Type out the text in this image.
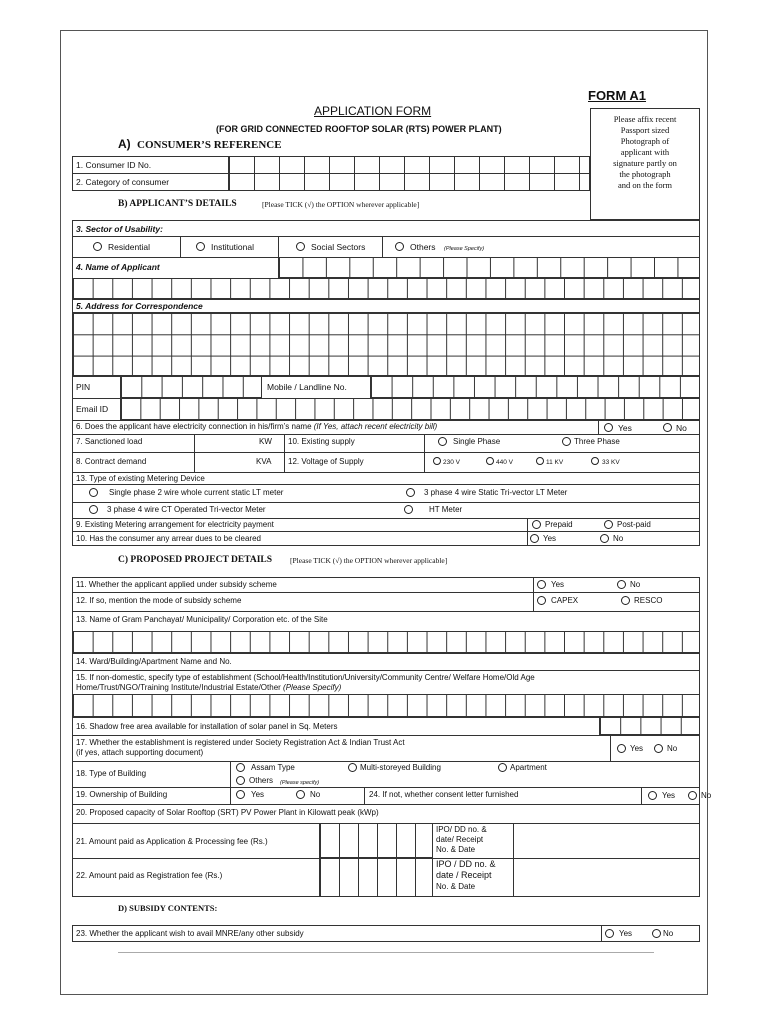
FORM A1
Please affix recent
Passport sized
Photograph of
applicant with
signature partly on
the photograph
and on the form
APPLICATION FORM
(FOR GRID CONNECTED ROOFTOP SOLAR (RTS) POWER PLANT)
A) CONSUMER’S REFERENCE
1. Consumer ID No.
2. Category of consumer
B) APPLICANT’S DETAILS	[Please TICK (√) the OPTION wherever applicable]
3. Sector of Usability:
Residential	Institutional	Social Sectors	Others (Please Specify)
4. Name of Applicant
5. Address for Correspondence
PIN	Mobile / Landline No.
Email ID
6. Does the applicant have electricity connection in his/firm’s name (If Yes, attach recent electricity bill)	Yes	No
7. Sanctioned load	KW 10. Existing supply	Single Phase	Three Phase
8. Contract demand	KVA 12. Voltage of Supply	230 V	440 V	11 KV	33 KV
13. Type of existing Metering Device
Single phase 2 wire whole current static LT meter	3 phase 4 wire Static Tri-vector LT Meter
3 phase 4 wire CT Operated Tri-vector Meter	HT Meter
9. Existing Metering arrangement for electricity payment	Prepaid	Post-paid
10. Has the consumer any arrear dues to be cleared	Yes	No
C) PROPOSED PROJECT DETAILS [Please TICK (√) the OPTION wherever applicable]
11. Whether the applicant applied under subsidy scheme	Yes	No
12. If so, mention the mode of subsidy scheme	CAPEX	RESCO
13. Name of Gram Panchayat/ Municipality/ Corporation etc. of the Site
14. Ward/Building/Apartment Name and No.
15. If non-domestic, specify type of establishment (School/Health/Institution/University/Community Centre/ Welfare Home/Old Age
Home/Trust/NGO/Training Institute/Industrial Estate/Other (Please Specify)
16. Shadow free area available for installation of solar panel in Sq. Meters
17. Whether the establishment is registered under Society Registration Act & Indian Trust Act
(if yes, attach supporting document)	Yes	No
18. Type of Building
Assam Type	Multi-storeyed Building	Apartment
Others (Please specify)
19. Ownership of Building	Yes	No	24. If not, whether consent letter furnished	Yes	No
20. Proposed capacity of Solar Rooftop (SRT) PV Power Plant in Kilowatt peak (kWp)
21. Amount paid as Application & Processing fee (Rs.)
IPO/ DD no. &
date/ Receipt
No. & Date
22. Amount paid as Registration fee (Rs.)
IPO / DD no. &
date / Receipt
No. & Date
D) SUBSIDY CONTENTS:
23. Whether the applicant wish to avail MNRE/any other subsidy	Yes	No
